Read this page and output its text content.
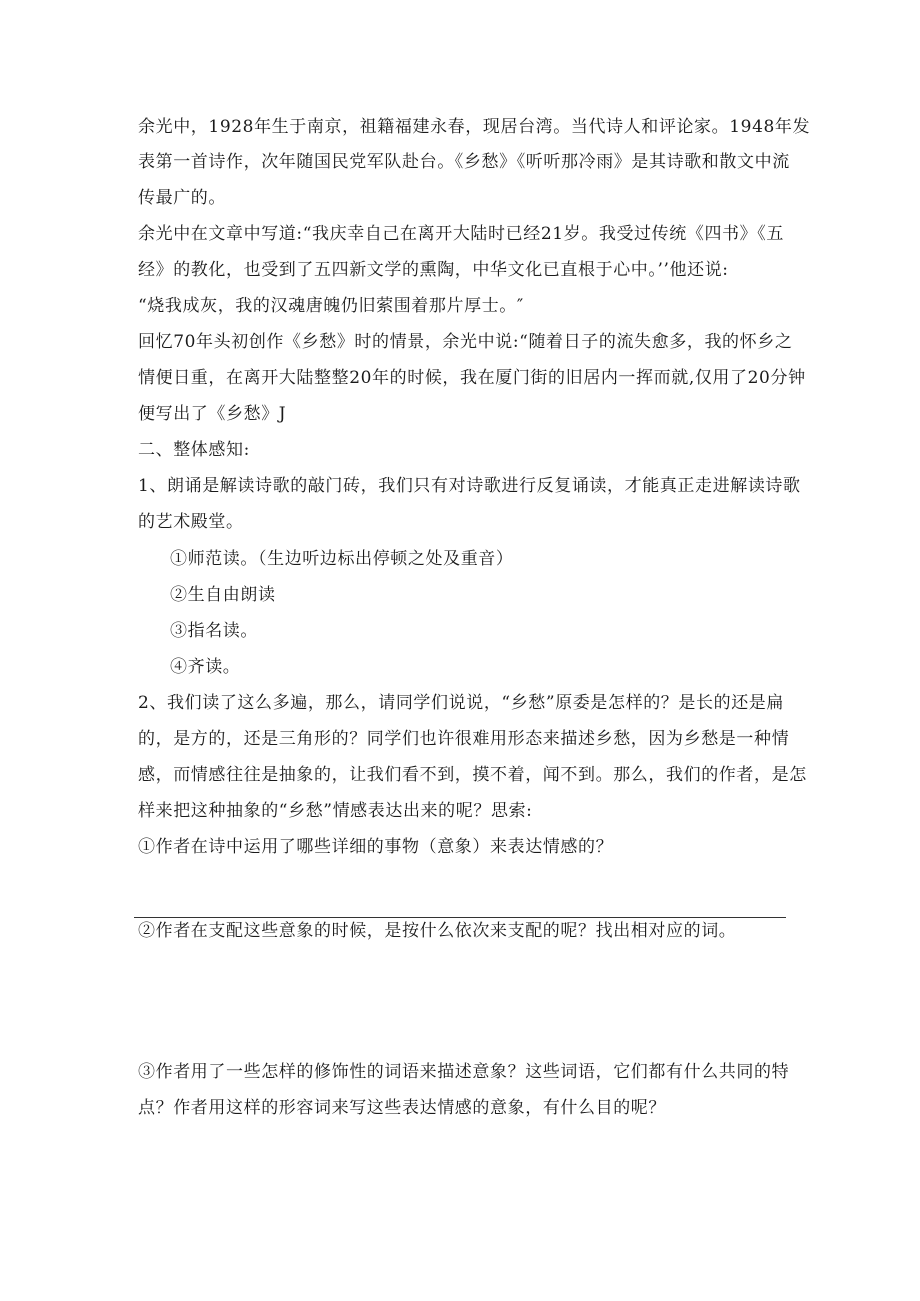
余光中，1928年生于南京，祖籍福建永春，现居台湾。当代诗人和评论家。1948年发
表第一首诗作，次年随国民党军队赴台。《乡愁》《听听那冷雨》是其诗歌和散文中流
传最广的。
余光中在文章中写道:“我庆幸自己在离开大陆时已经21岁。我受过传统《四书》《五
经》的教化，也受到了五四新文学的熏陶，中华文化已直根于心中。’’他还说:
“烧我成灰，我的汉魂唐魄仍旧萦围着那片厚士。″
回忆70年头初创作《乡愁》时的情景，余光中说:“随着日子的流失愈多，我的怀乡之
情便日重，在离开大陆整整20年的时候，我在厦门街的旧居内一挥而就,仅用了20分钟
便写出了《乡愁》J
二、整体感知:
1、朗诵是解读诗歌的敲门砖，我们只有对诗歌进行反复诵读，才能真正走进解读诗歌
的艺术殿堂。
①师范读。（生边听边标出停顿之处及重音）
②生自由朗读
③指名读。
④齐读。
2、我们读了这么多遍，那么，请同学们说说，“乡愁”原委是怎样的？是长的还是扁
的，是方的，还是三角形的？同学们也许很难用形态来描述乡愁，因为乡愁是一种情
感，而情感往往是抽象的，让我们看不到，摸不着，闻不到。那么，我们的作者，是怎
样来把这种抽象的“乡愁”情感表达出来的呢？思索:
①作者在诗中运用了哪些详细的事物（意象）来表达情感的？
②作者在支配这些意象的时候，是按什么依次来支配的呢？找出相对应的词。
③作者用了一些怎样的修饰性的词语来描述意象？这些词语，它们都有什么共同的特
点？作者用这样的形容词来写这些表达情感的意象，有什么目的呢？
